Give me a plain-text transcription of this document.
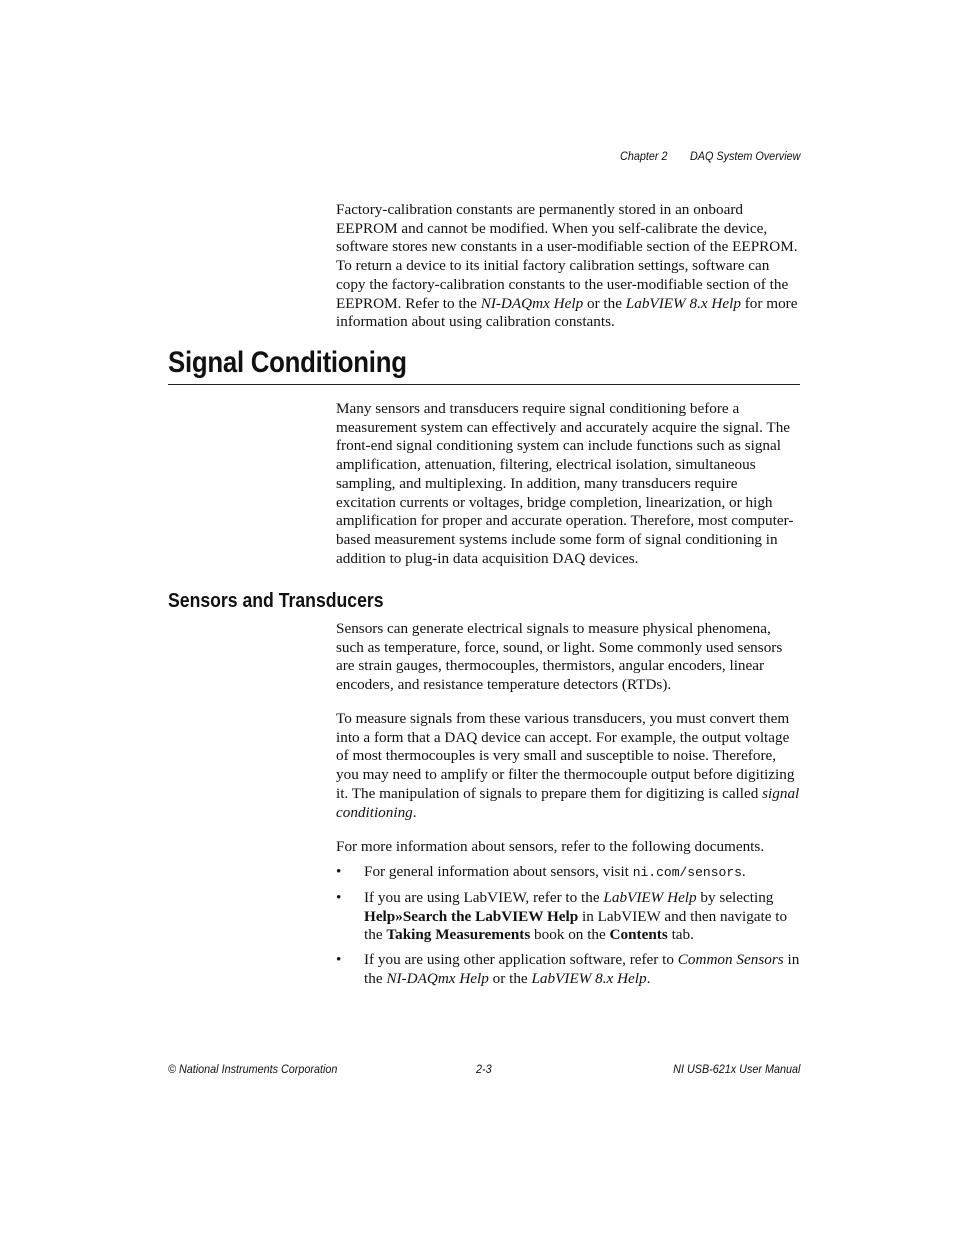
Chapter 2 DAQ System Overview

Factory-calibration constants are permanently stored in an onboard EEPROM and cannot be modified. When you self-calibrate the device, software stores new constants in a user-modifiable section of the EEPROM. To return a device to its initial factory calibration settings, software can copy the factory-calibration constants to the user-modifiable section of the EEPROM. Refer to the NI-DAQmx Help or the LabVIEW 8.x Help for more information about using calibration constants.

Signal Conditioning

Many sensors and transducers require signal conditioning before a measurement system can effectively and accurately acquire the signal. The front-end signal conditioning system can include functions such as signal amplification, attenuation, filtering, electrical isolation, simultaneous sampling, and multiplexing. In addition, many transducers require excitation currents or voltages, bridge completion, linearization, or high amplification for proper and accurate operation. Therefore, most computer-based measurement systems include some form of signal conditioning in addition to plug-in data acquisition DAQ devices.

Sensors and Transducers

Sensors can generate electrical signals to measure physical phenomena, such as temperature, force, sound, or light. Some commonly used sensors are strain gauges, thermocouples, thermistors, angular encoders, linear encoders, and resistance temperature detectors (RTDs).

To measure signals from these various transducers, you must convert them into a form that a DAQ device can accept. For example, the output voltage of most thermocouples is very small and susceptible to noise. Therefore, you may need to amplify or filter the thermocouple output before digitizing it. The manipulation of signals to prepare them for digitizing is called signal conditioning.

For more information about sensors, refer to the following documents.

• For general information about sensors, visit ni.com/sensors.
• If you are using LabVIEW, refer to the LabVIEW Help by selecting Help»Search the LabVIEW Help in LabVIEW and then navigate to the Taking Measurements book on the Contents tab.
• If you are using other application software, refer to Common Sensors in the NI-DAQmx Help or the LabVIEW 8.x Help.
© National Instruments Corporation	2-3	NI USB-621x User Manual
